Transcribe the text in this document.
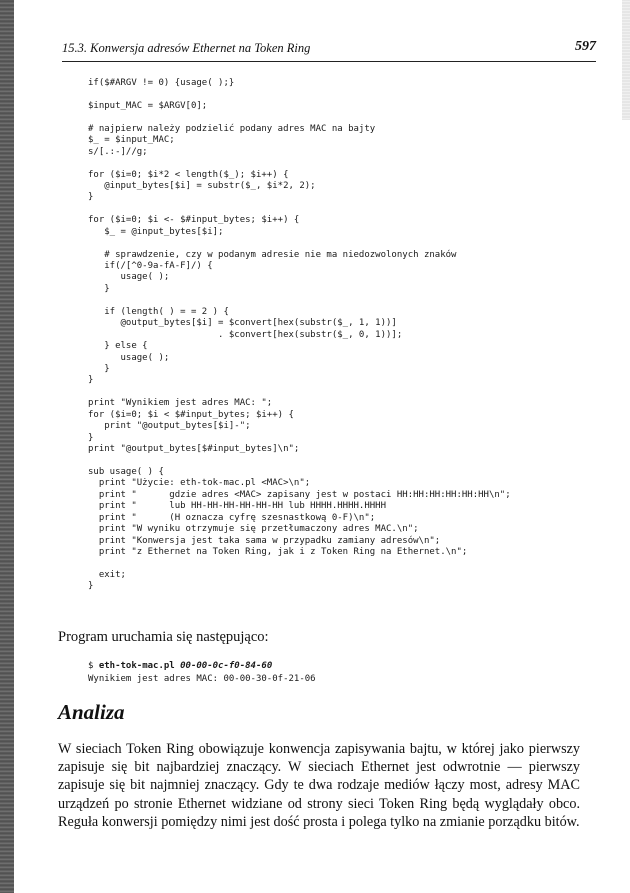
15.3. Konwersja adresów Ethernet na Token Ring	597
if($#ARGV != 0) {usage( );}

$input_MAC = $ARGV[0];

# najpierw należy podzielić podany adres MAC na bajty
$_ = $input_MAC;
s/[.:-]//g;

for ($i=0; $i*2 < length($_); $i++) {
@input_bytes[$i] = substr($_, $i*2, 2);
}

for ($i=0; $i <- $#input_bytes; $i++) {
$_ = @input_bytes[$i];

# sprawdzenie, czy w podanym adresie nie ma niedozwolonych znaków
if(/[^0-9a-fA-F]/) {
usage( );
}

if (length( ) = = 2 ) {
@output_bytes[$i] = $convert[hex(substr($_, 1, 1))]
. $convert[hex(substr($_, 0, 1))];
} else {
usage( );
}
}

print "Wynikiem jest adres MAC: ";
for ($i=0; $i < $#input_bytes; $i++) {
print "@output_bytes[$i]-";
}
print "@output_bytes[$#input_bytes]\n";

sub usage( ) {
print "Użycie: eth-tok-mac.pl <MAC>\n";
print "      gdzie adres <MAC> zapisany jest w postaci HH:HH:HH:HH:HH:HH\n";
print "      lub HH-HH-HH-HH-HH-HH lub HHHH.HHHH.HHHH
print "      (H oznacza cyfrę szesnastkową 0-F)\n";
print "W wyniku otrzymuje się przetłumaczony adres MAC.\n";
print "Konwersja jest taka sama w przypadku zamiany adresów\n";
print "z Ethernet na Token Ring, jak i z Token Ring na Ethernet.\n";

exit;
}

Program uruchamia się następująco:

$ eth-tok-mac.pl 00-00-0c-f0-84-60
Wynikiem jest adres MAC: 00-00-30-0f-21-06
Analiza

W sieciach Token Ring obowiązuje konwencja zapisywania bajtu, w której jako pierwszy zapisuje się bit najbardziej znaczący. W sieciach Ethernet jest odwrotnie — pierwszy zapisuje się bit najmniej znaczący. Gdy te dwa rodzaje mediów łączy most, adresy MAC urządzeń po stronie Ethernet widziane od strony sieci Token Ring będą wyglądały obco. Reguła konwersji pomiędzy nimi jest dość prosta i polega tylko na zmianie porządku bitów.
